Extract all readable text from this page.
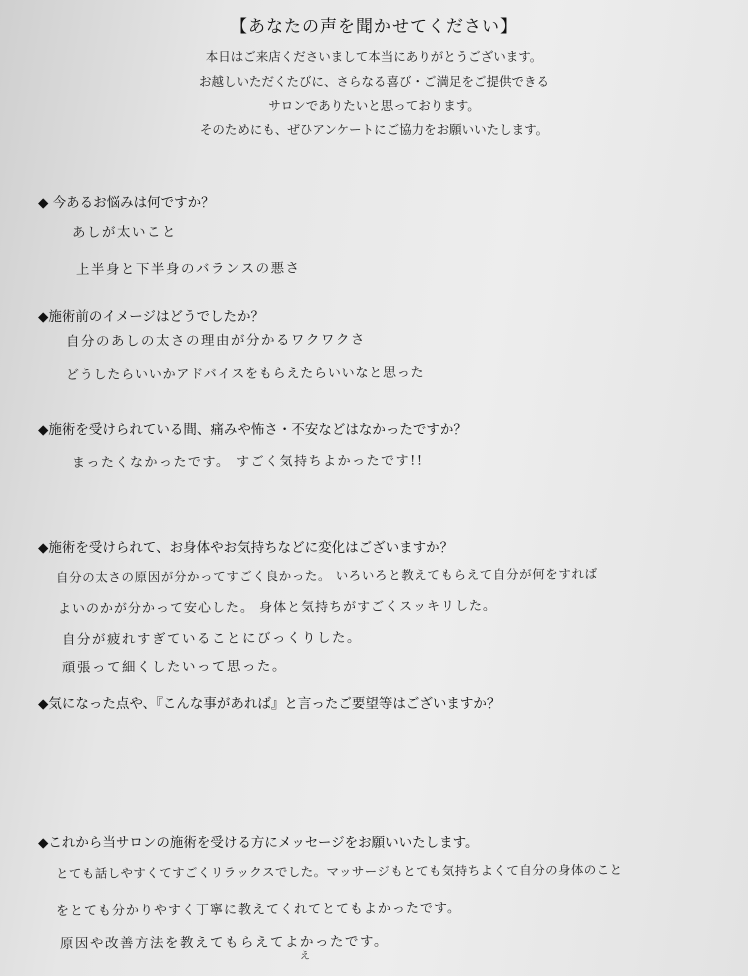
【あなたの声を聞かせてください】
本日はご来店くださいまして本当にありがとうございます。
お越しいただくたびに、さらなる喜び・ご満足をご提供できる
サロンでありたいと思っております。
そのためにも、ぜひアンケートにご協力をお願いいたします。
◆ 今あるお悩みは何ですか？
あしが太いこと
上半身と下半身のバランスの悪さ
◆施術前のイメージはどうでしたか？
自分のあしの太さの理由が分かるワクワクさ
どうしたらいいかアドバイスをもらえたらいいなと思った
◆施術を受けられている間、痛みや怖さ・不安などはなかったですか？
まったくなかったです。 すごく気持ちよかったです!!
◆施術を受けられて、お身体やお気持ちなどに変化はございますか？
自分の太さの原因が分かってすごく良かった。 いろいろと教えてもらえて自分が何をすれば
よいのかが分かって安心した。 身体と気持ちがすごくスッキリした。
自分が疲れすぎていることにびっくりした。
頑張って細くしたいって思った。
◆気になった点や、『こんな事があれば』と言ったご要望等はございますか？
◆これから当サロンの施術を受ける方にメッセージをお願いいたします。
とても話しやすくてすごくリラックスでした。マッサージもとても気持ちよくて自分の身体のこと
をとても分かりやすく丁寧に教えてくれてとてもよかったです。
原因や改善方法を教えてもらえてよかったです。
え
